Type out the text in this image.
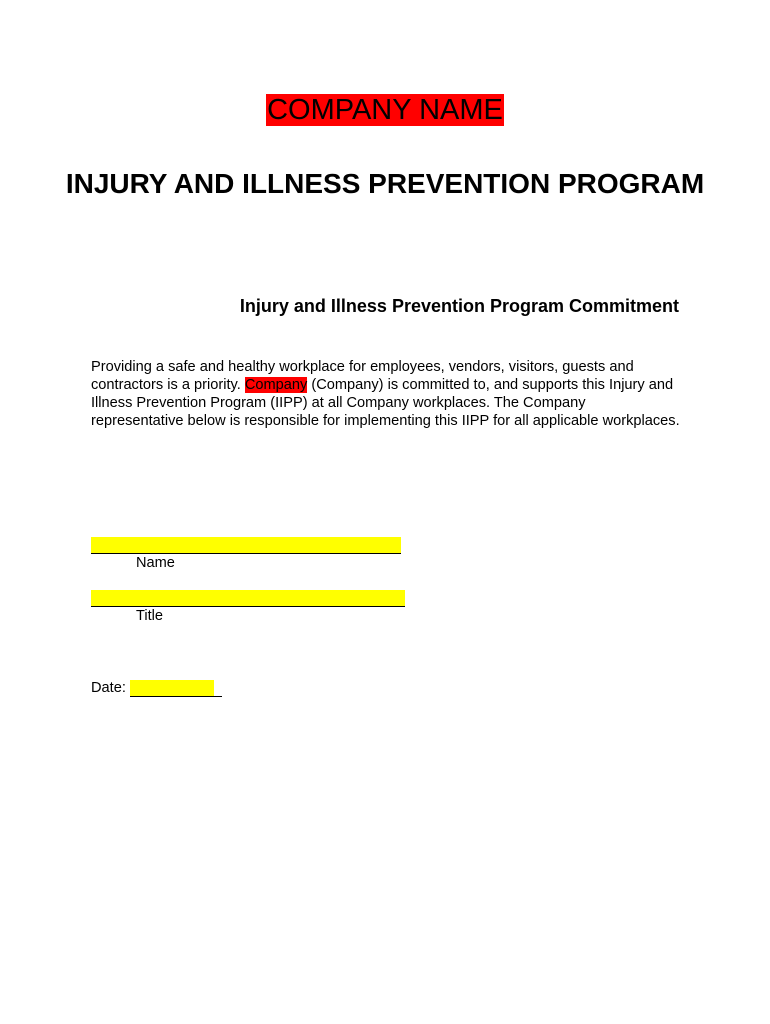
COMPANY NAME
INJURY AND ILLNESS PREVENTION PROGRAM
Injury and Illness Prevention Program Commitment
Providing a safe and healthy workplace for employees, vendors, visitors, guests and contractors is a priority. Company (Company) is committed to, and supports this Injury and Illness Prevention Program (IIPP) at all Company workplaces. The Company representative below is responsible for implementing this IIPP for all applicable workplaces.
Name
Title
Date:
